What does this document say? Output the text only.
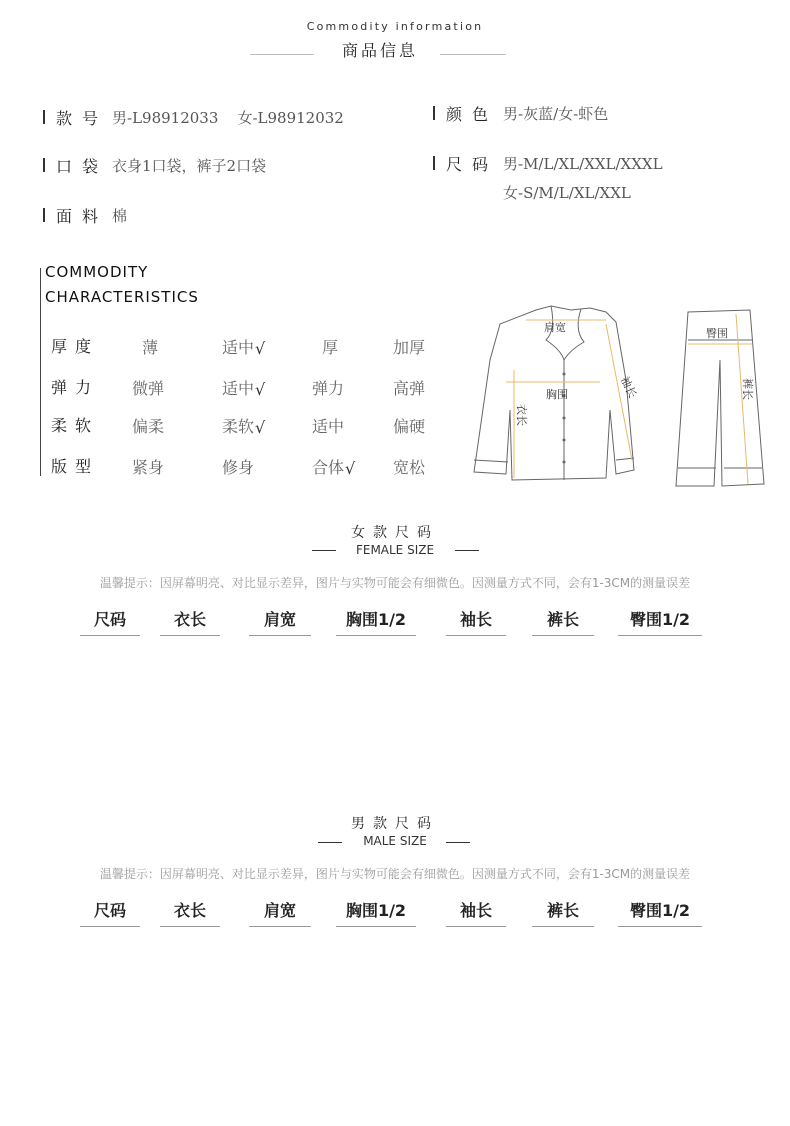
Commodity information
商品信息
款号 男-L98912033    女-L98912032
口袋 衣身1口袋，裤子2口袋
面料 棉
颜色 男-灰蓝/女-虾色
尺码 男-M/L/XL/XXL/XXXL
女-S/M/L/XL/XXL
COMMODITY
CHARACTERISTICS
厚度	薄	适中 √	厚	加厚
弹力 微弹	适中 √	弹力	高弹
柔软 偏柔	柔软 √	适中	偏硬
版型 紧身	修身	合体 √ 宽松
肩宽
胸围
衣长
袖长
臀围
裤长
女款尺码
FEMALE SIZE
温馨提示：因屏幕明亮、对比显示差异，图片与实物可能会有细微色。因测量方式不同，会有1-3CM的测量误差
尺码	衣长	肩宽	胸围1/2	袖长	裤长	臀围1/2
男款尺码
MALE SIZE
温馨提示：因屏幕明亮、对比显示差异，图片与实物可能会有细微色。因测量方式不同，会有1-3CM的测量误差
尺码	衣长	肩宽	胸围1/2	袖长	裤长	臀围1/2
